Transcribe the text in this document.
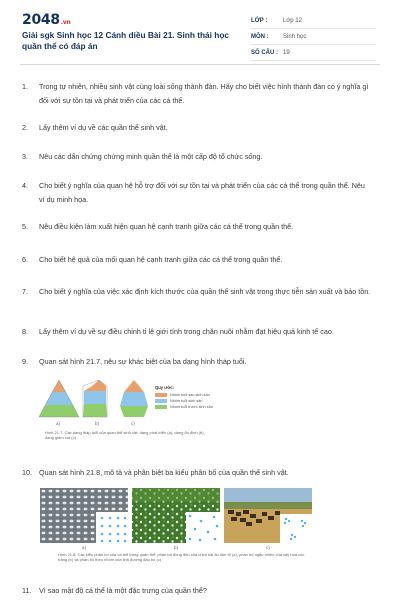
2048.vn
Giải sgk Sinh học 12 Cánh diều Bài 21. Sinh thái học quần thể có đáp án
LỚP :	Lớp 12
MÔN :	Sinh học
SỐ CÂU : 19
1.	Trong tự nhiên, nhiều sinh vật cùng loài sống thành đàn. Hãy cho biết việc hình thành đàn có ý nghĩa gì đối với sự tồn tại và phát triển của các cá thể.
2.	Lấy thêm ví dụ về các quần thể sinh vật.
3.	Nêu các dấn chứng chứng minh quần thể là một cấp độ tổ chức sống.
4.	Cho biết ý nghĩa của quan hệ hỗ trợ đối với sự tồn tại và phát triển của các cá thể trong quần thể. Nêu ví dụ minh họa.
5.	Nêu điều kiện làm xuất hiện quan hệ cạnh tranh giữa các cá thể trong quần thể.
6.	Cho biết hệ quả của mối quan hệ cạnh tranh giữa các cá thể trong quần thể.
7.	Cho biết ý nghĩa của việc xác định kích thước của quần thể sinh vật trong thực tiễn sản xuất và bảo tồn.
8.	Lấy thêm ví dụ về sự điều chỉnh tỉ lệ giới tính trong chăn nuôi nhằm đạt hiệu quả kinh tế cao.
9.	Quan sát hình 21.7, nêu sự khác biệt của ba dạng hình tháp tuổi.
a)	b)	c)
Quy ước:
Nhóm tuổi sau sinh sản
Nhóm tuổi sinh sản
Nhóm tuổi trước sinh sản
Hình 21.7. Các dạng tháp tuổi của quần thể sinh vật: dạng phát triển (a), dạng ổn định (b), dạng giảm sút (c)
10. Quan sát hình 21.8, mô tả và phân biệt ba kiểu phân bố của quần thể sinh vật.
a)	b)	c)
Hình 21.8. Các kiểu phân bố của cá thể trong quần thể: phân bố đồng đều của chim hải âu làm tổ (a), phân bố ngẫu nhiên của cây hoa cúc trắng (b) và phân bố theo nhóm của linh dương đầu bò (c)
11.	Vì sao mật độ cá thể là một đặc trưng của quần thể?
